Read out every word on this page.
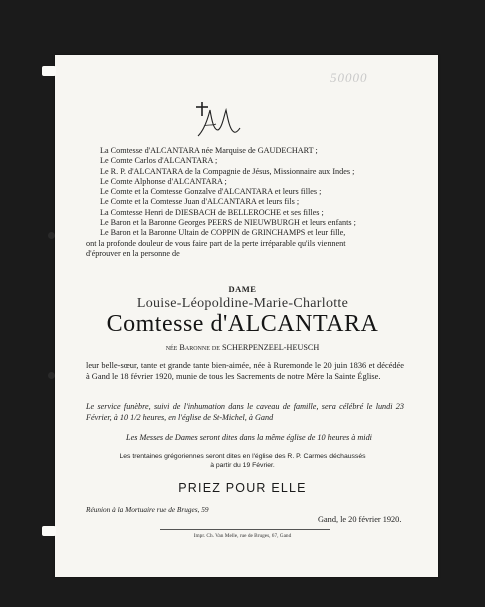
50000
La Comtesse d'ALCANTARA née Marquise de GAUDECHART ;
Le Comte Carlos d'ALCANTARA ;
Le R. P. d'ALCANTARA de la Compagnie de Jésus, Missionnaire aux Indes ;
Le Comte Alphonse d'ALCANTARA ;
Le Comte et la Comtesse Gonzalve d'ALCANTARA et leurs filles ;
Le Comte et la Comtesse Juan d'ALCANTARA et leurs fils ;
La Comtesse Henri de DIESBACH de BELLEROCHE et ses filles ;
Le Baron et la Baronne Georges PEERS de NIEUWBURGH et leurs enfants ;
Le Baron et la Baronne Ultain de COPPIN de GRINCHAMPS et leur fille,
ont la profonde douleur de vous faire part de la perte irréparable qu'ils viennent
d'éprouver en la personne de
DAME
Louise-Léopoldine-Marie-Charlotte
Comtesse d'ALCANTARA
née Baronne de SCHERPENZEEL-HEUSCH
leur belle-sœur, tante et grande tante bien-aimée, née à Ruremonde le 20 juin 1836 et décédée à Gand le 18 février 1920, munie de tous les Sacrements de notre Mère la Sainte Église.
Le service funèbre, suivi de l'inhumation dans le caveau de famille, sera célébré le lundi 23 Février, à 10 1/2 heures, en l'église de St-Michel, à Gand
Les Messes de Dames seront dites dans la même église de 10 heures à midi
Les trentaines grégoriennes seront dites en l'église des R. P. Carmes déchaussés
à partir du 19 Février.
PRIEZ POUR ELLE
Réunion à la Mortuaire rue de Bruges, 59
Gand, le 20 février 1920.
Impr. Ch. Van Melle, rue de Bruges, 67, Gand
